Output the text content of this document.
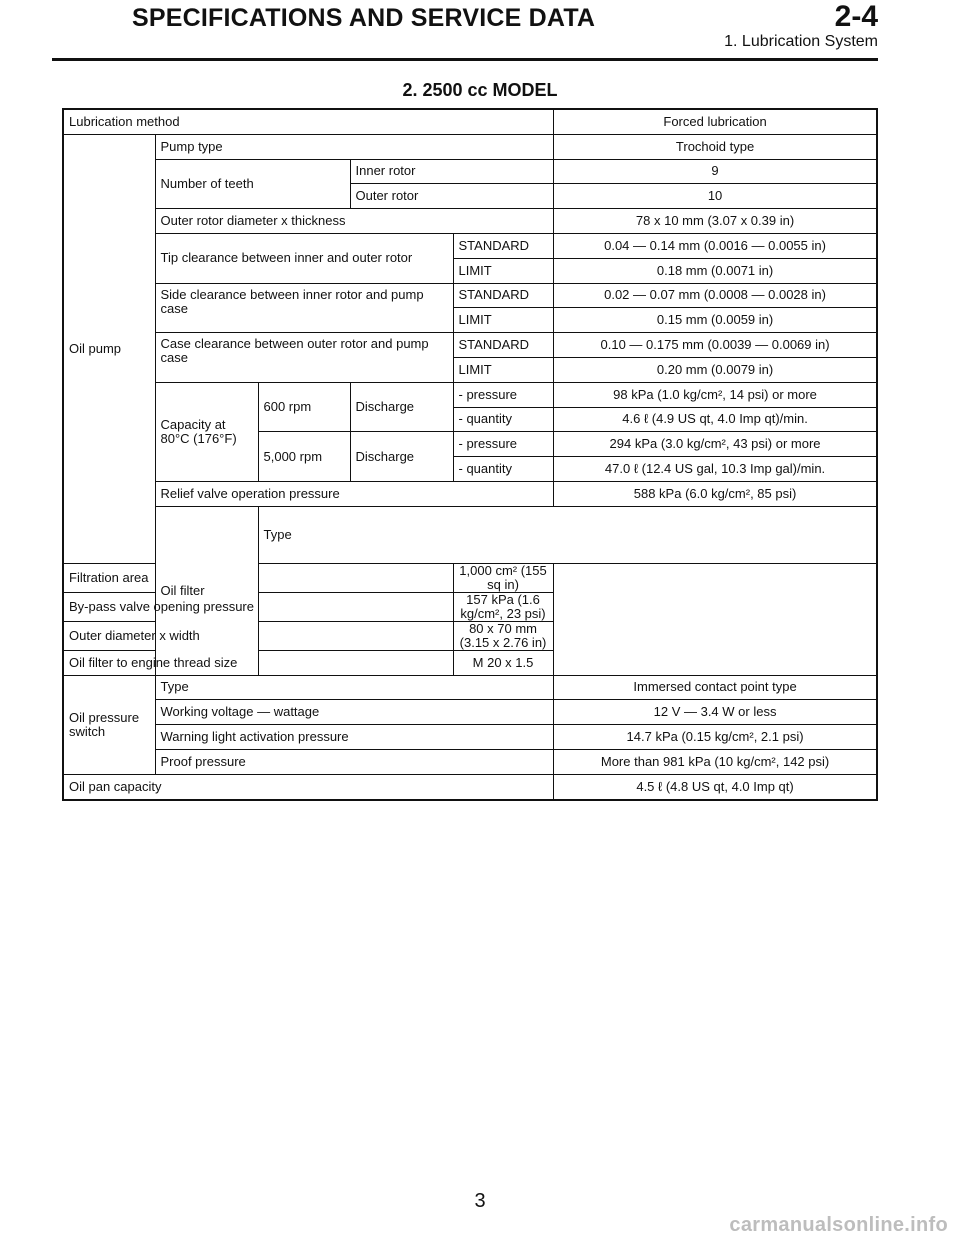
SPECIFICATIONS AND SERVICE DATA	2-4
1. Lubrication System
2. 2500 cc MODEL
Lubrication method					Forced lubrication	
Oil pump	Pump type				Trochoid type	
	Number of teeth		Inner rotor		9	
			Outer rotor		10	
	Outer rotor diameter x thickness				78 x 10 mm (3.07 x 0.39 in)	
	Tip clearance between inner and outer rotor			STANDARD	0.04 — 0.14 mm (0.0016 — 0.0055 in)	
				LIMIT	0.18 mm (0.0071 in)	
	Side clearance between inner rotor and pump case			STANDARD	0.02 — 0.07 mm (0.0008 — 0.0028 in)	
				LIMIT	0.15 mm (0.0059 in)	
	Case clearance between outer rotor and pump case			STANDARD	0.10 — 0.175 mm (0.0039 — 0.0069 in)	
				LIMIT	0.20 mm (0.0079 in)	
	Capacity at 80°C (176°F)	600 rpm	Discharge	- pressure	98 kPa (1.0 kg/cm², 14 psi) or more	
				- quantity	4.6 ℓ (4.9 US qt, 4.0 Imp qt)/min.	
		5,000 rpm	Discharge	- pressure	294 kPa (3.0 kg/cm², 43 psi) or more	
				- quantity	47.0 ℓ (12.4 US gal, 10.3 Imp gal)/min.	
	Relief valve operation pressure				588 kPa (6.0 kg/cm², 85 psi)	
	Oil filter	Type	
Filtration area				1,000 cm² (155 sq in)		
By-pass valve opening pressure				157 kPa (1.6 kg/cm², 23 psi)		
Outer diameter x width				80 x 70 mm (3.15 x 2.76 in)		
Oil filter to engine thread size				M 20 x 1.5		
Oil pressure switch	Type				Immersed contact point type	
	Working voltage — wattage				12 V — 3.4 W or less	
	Warning light activation pressure				14.7 kPa (0.15 kg/cm², 2.1 psi)	
	Proof pressure				More than 981 kPa (10 kg/cm², 142 psi)	
Oil pan capacity					4.5 ℓ (4.8 US qt, 4.0 Imp qt)	
3
carmanualsonline.info
